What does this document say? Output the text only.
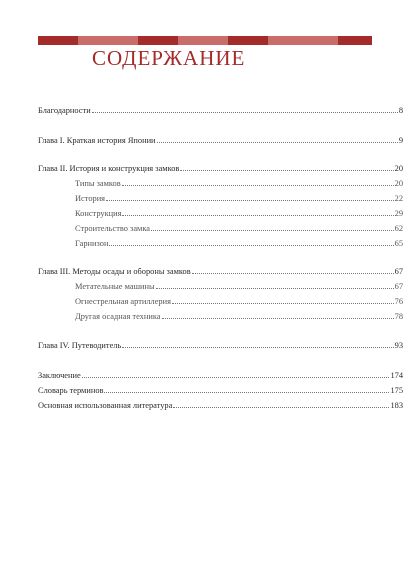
СОДЕРЖАНИЕ
Благодарности	8
Глава I. Краткая история Японии	9
Глава II. История и конструкция замков	20
Типы замков	20
История	22
Конструкция	29
Строительство замка	62
Гарнизон	65
Глава III. Методы осады и обороны замков	67
Метательные машины	67
Огнестрельная артиллерия	76
Другая осадная техника	78
Глава IV. Путеводитель	93
Заключение	174
Словарь терминов	175
Основная использованная литература	183
